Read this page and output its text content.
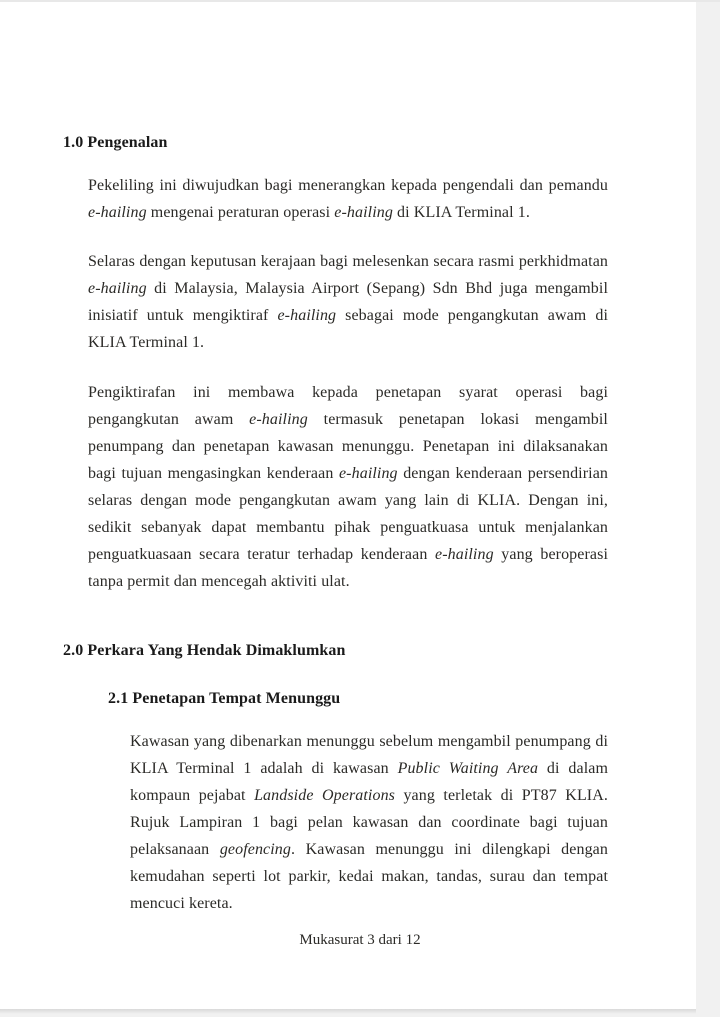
1.0 Pengenalan

Pekeliling ini diwujudkan bagi menerangkan kepada pengendali dan pemandu e-hailing mengenai peraturan operasi e-hailing di KLIA Terminal 1.

Selaras dengan keputusan kerajaan bagi melesenkan secara rasmi perkhidmatan e-hailing di Malaysia, Malaysia Airport (Sepang) Sdn Bhd juga mengambil inisiatif untuk mengiktiraf e-hailing sebagai mode pengangkutan awam di KLIA Terminal 1.

Pengiktirafan ini membawa kepada penetapan syarat operasi bagi pengangkutan awam e-hailing termasuk penetapan lokasi mengambil penumpang dan penetapan kawasan menunggu. Penetapan ini dilaksanakan bagi tujuan mengasingkan kenderaan e-hailing dengan kenderaan persendirian selaras dengan mode pengangkutan awam yang lain di KLIA. Dengan ini, sedikit sebanyak dapat membantu pihak penguatkuasa untuk menjalankan penguatkuasaan secara teratur terhadap kenderaan e-hailing yang beroperasi tanpa permit dan mencegah aktiviti ulat.

2.0 Perkara Yang Hendak Dimaklumkan
2.1 Penetapan Tempat Menunggu

Kawasan yang dibenarkan menunggu sebelum mengambil penumpang di KLIA Terminal 1 adalah di kawasan Public Waiting Area di dalam kompaun pejabat Landside Operations yang terletak di PT87 KLIA. Rujuk Lampiran 1 bagi pelan kawasan dan coordinate bagi tujuan pelaksanaan geofencing. Kawasan menunggu ini dilengkapi dengan kemudahan seperti lot parkir, kedai makan, tandas, surau dan tempat mencuci kereta.

Mukasurat 3 dari 12
